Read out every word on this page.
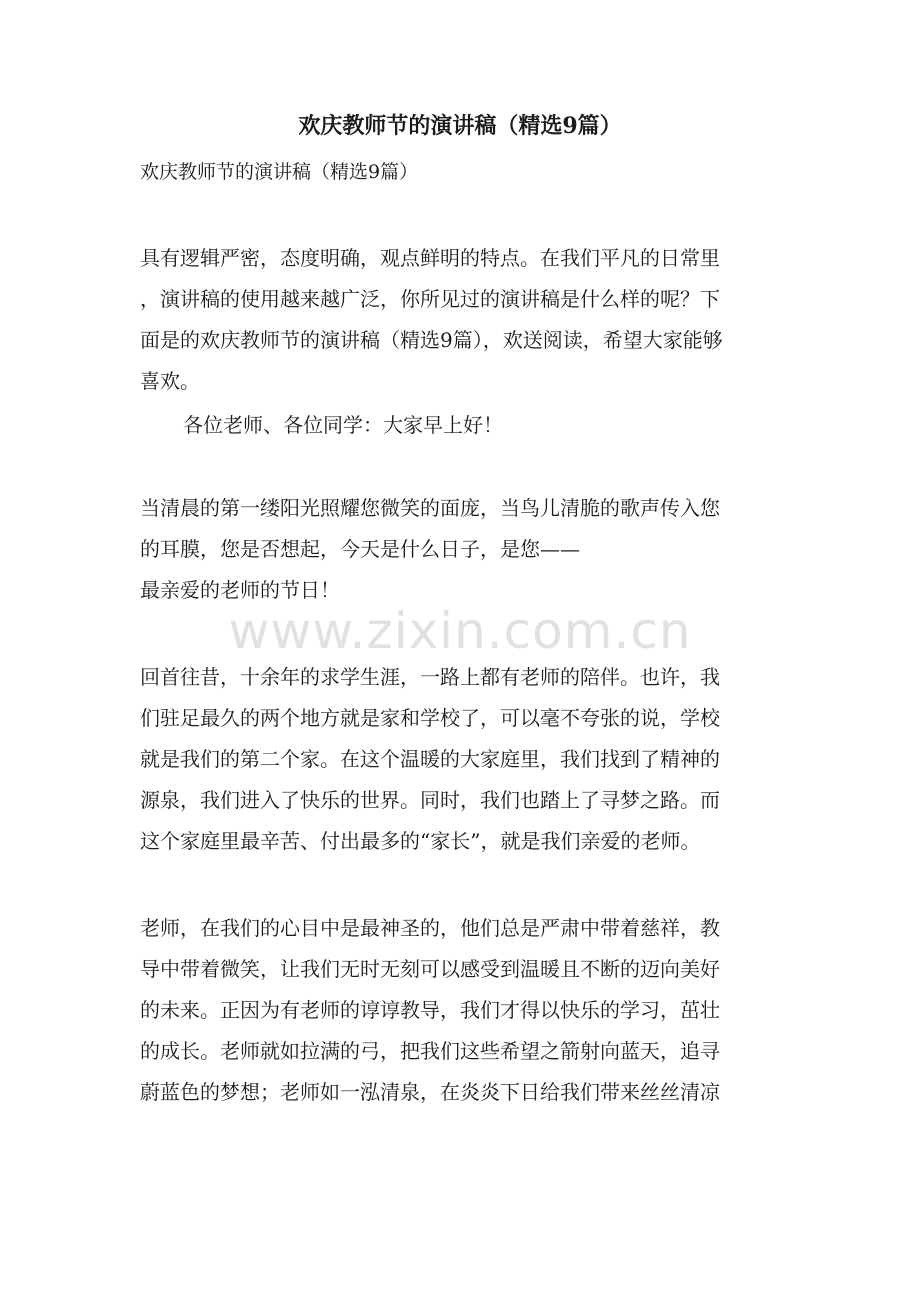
欢庆教师节的演讲稿（精选9篇）

欢庆教师节的演讲稿（精选9篇）

具有逻辑严密，态度明确，观点鲜明的特点。在我们平凡的日常里
，演讲稿的使用越来越广泛，你所见过的演讲稿是什么样的呢？下
面是的欢庆教师节的演讲稿（精选9篇），欢送阅读，希望大家能够
喜欢。

各位老师、各位同学：大家早上好！

当清晨的第一缕阳光照耀您微笑的面庞，当鸟儿清脆的歌声传入您
的耳膜，您是否想起，今天是什么日子，是您——
最亲爱的老师的节日！

www.zixin.com.cn

回首往昔，十余年的求学生涯，一路上都有老师的陪伴。也许，我
们驻足最久的两个地方就是家和学校了，可以毫不夸张的说，学校
就是我们的第二个家。在这个温暖的大家庭里，我们找到了精神的
源泉，我们进入了快乐的世界。同时，我们也踏上了寻梦之路。而
这个家庭里最辛苦、付出最多的“家长”，就是我们亲爱的老师。

老师，在我们的心目中是最神圣的，他们总是严肃中带着慈祥，教
导中带着微笑，让我们无时无刻可以感受到温暖且不断的迈向美好
的未来。正因为有老师的谆谆教导，我们才得以快乐的学习，茁壮
的成长。老师就如拉满的弓，把我们这些希望之箭射向蓝天，追寻
蔚蓝色的梦想；老师如一泓清泉，在炎炎下日给我们带来丝丝清凉
